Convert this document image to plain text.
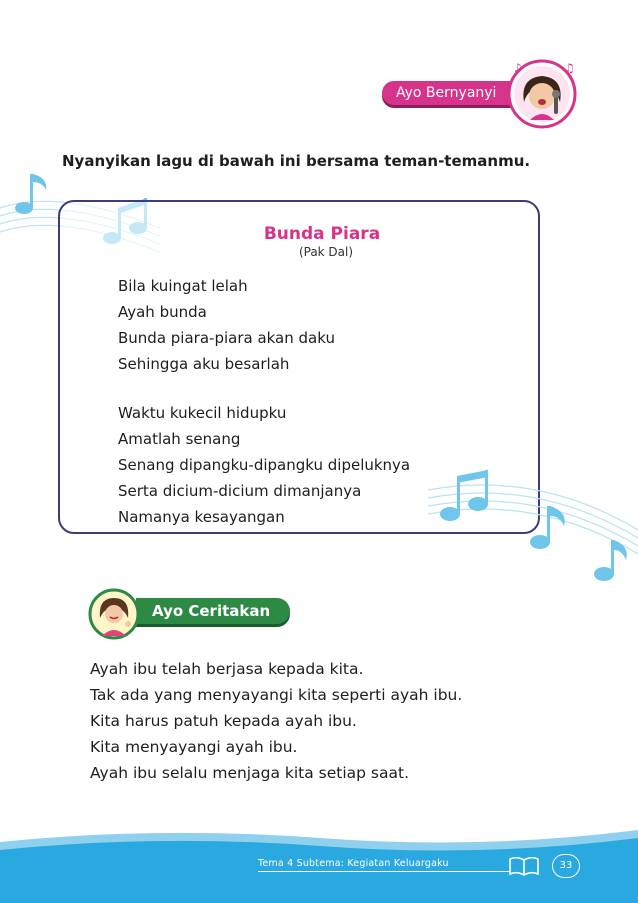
Ayo Bernyanyi
♪	♫
Nyanyikan lagu di bawah ini bersama teman-temanmu.
Bunda Piara
(Pak Dal)
Bila kuingat lelah
Ayah bunda
Bunda piara-piara akan daku
Sehingga aku besarlah
Waktu kukecil hidupku
Amatlah senang
Senang dipangku-dipangku dipeluknya
Serta dicium-dicium dimanjanya
Namanya kesayangan
Ayo Ceritakan
Ayah ibu telah berjasa kepada kita.
Tak ada yang menyayangi kita seperti ayah ibu.
Kita harus patuh kepada ayah ibu.
Kita menyayangi ayah ibu.
Ayah ibu selalu menjaga kita setiap saat.
Tema 4 Subtema: Kegiatan Keluargaku	33
